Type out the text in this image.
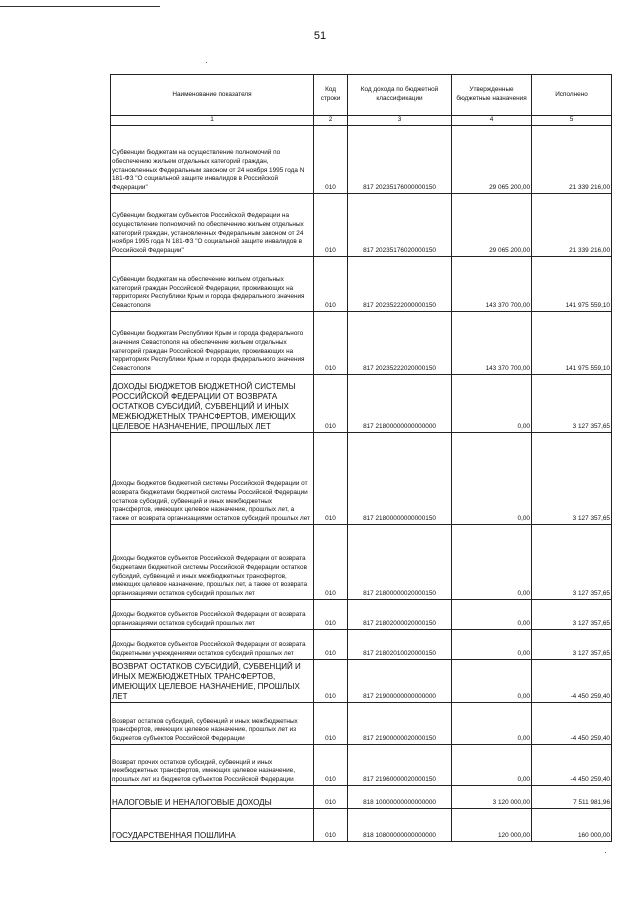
51
·
·
Наименование показателя	Код строки	Код дохода по бюджетной классификации	Утвержденные бюджетные назначения	Исполнено
1	2	3	4	5
Субвенции бюджетам на осуществление полномочий по обеспечению жильем отдельных категорий граждан, установленных Федеральным законом от 24 ноября 1995 года N 181-ФЗ "О социальной защите инвалидов в Российской Федерации"	010	817 20235176000000150	29 065 200,00	21 339 216,00
Субвенции бюджетам субъектов Российской Федерации на осуществление полномочий по обеспечению жильем отдельных категорий граждан, установленных Федеральным законом от 24 ноября 1995 года N 181-ФЗ "О социальной защите инвалидов в Российской Федерации"	010	817 20235176020000150	29 065 200,00	21 339 216,00
Субвенции бюджетам на обеспечение жильем отдельных категорий граждан Российской Федерации, проживающих на территориях Республики Крым и города федерального значения Севастополя	010	817 20235222000000150	143 370 700,00	141 975 559,10
Субвенции бюджетам Республики Крым и города федерального значения Севастополя на обеспечение жильем отдельных категорий граждан Российской Федерации, проживающих на территориях Республики Крым и города федерального значения Севастополя	010	817 20235222020000150	143 370 700,00	141 975 559,10
ДОХОДЫ БЮДЖЕТОВ БЮДЖЕТНОЙ СИСТЕМЫ РОССИЙСКОЙ ФЕДЕРАЦИИ ОТ ВОЗВРАТА ОСТАТКОВ СУБСИДИЙ, СУБВЕНЦИЙ И ИНЫХ МЕЖБЮДЖЕТНЫХ ТРАНСФЕРТОВ, ИМЕЮЩИХ ЦЕЛЕВОЕ НАЗНАЧЕНИЕ, ПРОШЛЫХ ЛЕТ	010	817 21800000000000000	0,00	3 127 357,65
Доходы бюджетов бюджетной системы Российской Федерации от возврата бюджетами бюджетной системы Российской Федерации остатков субсидий, субвенций и иных межбюджетных трансфертов, имеющих целевое назначение, прошлых лет, а также от возврата организациями остатков субсидий прошлых лет	010	817 21800000000000150	0,00	3 127 357,65
Доходы бюджетов субъектов Российской Федерации от возврата бюджетами бюджетной системы Российской Федерации остатков субсидий, субвенций и иных межбюджетных трансфертов, имеющих целевое назначение, прошлых лет, а также от возврата организациями остатков субсидий прошлых лет	010	817 21800000020000150	0,00	3 127 357,65
Доходы бюджетов субъектов Российской Федерации от возврата организациями остатков субсидий прошлых лет	010	817 21802000020000150	0,00	3 127 357,65
Доходы бюджетов субъектов Российской Федерации от возврата бюджетными учреждениями остатков субсидий прошлых лет	010	817 21802010020000150	0,00	3 127 357,65
ВОЗВРАТ ОСТАТКОВ СУБСИДИЙ, СУБВЕНЦИЙ И ИНЫХ МЕЖБЮДЖЕТНЫХ ТРАНСФЕРТОВ, ИМЕЮЩИХ ЦЕЛЕВОЕ НАЗНАЧЕНИЕ, ПРОШЛЫХ ЛЕТ	010	817 21900000000000000	0,00	-4 450 259,40
Возврат остатков субсидий, субвенций и иных межбюджетных трансфертов, имеющих целевое назначение, прошлых лет из бюджетов субъектов Российской Федерации	010	817 21900000020000150	0,00	-4 450 259,40
Возврат прочих остатков субсидий, субвенций и иных межбюджетных трансфертов, имеющих целевое назначение, прошлых лет из бюджетов субъектов Российской Федерации	010	817 21960000020000150	0,00	-4 450 259,40
НАЛОГОВЫЕ И НЕНАЛОГОВЫЕ ДОХОДЫ	010	818 10000000000000000	3 120 000,00	7 511 981,96
ГОСУДАРСТВЕННАЯ ПОШЛИНА	010	818 10800000000000000	120 000,00	160 000,00
